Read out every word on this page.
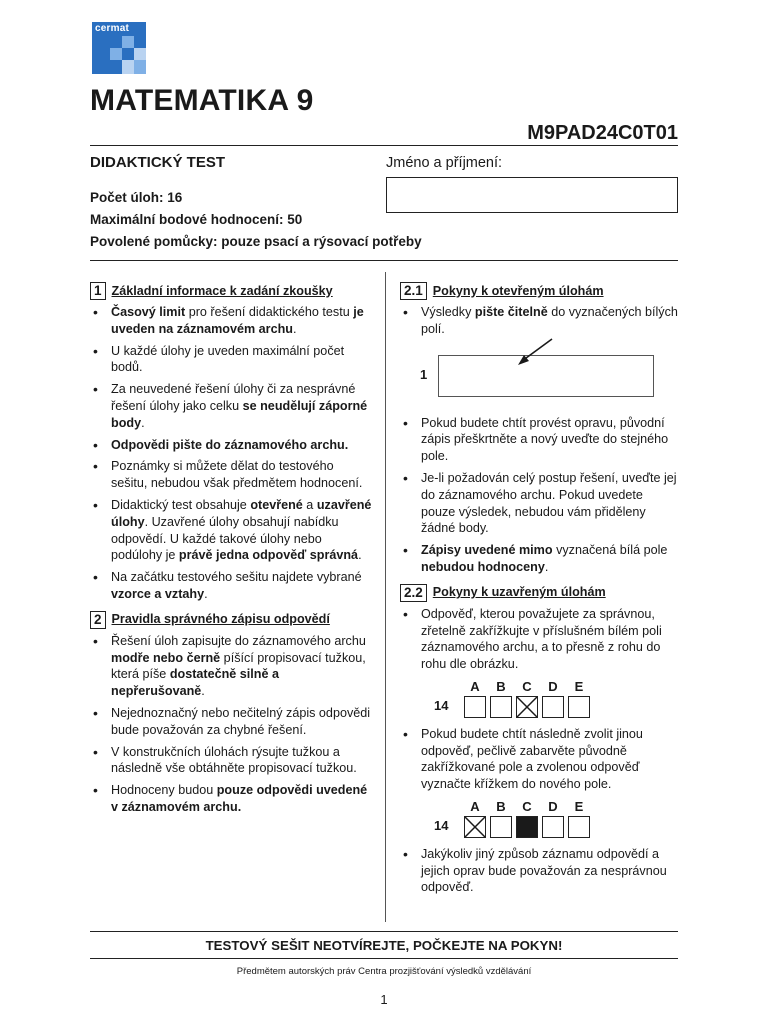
cermat
MATEMATIKA 9
M9PAD24C0T01
DIDAKTICKÝ TEST	Jméno a příjmení:
Počet úloh: 16
Maximální bodové hodnocení: 50
Povolené pomůcky: pouze psací a rýsovací potřeby
1 Základní informace k zadání zkoušky
• Časový limit pro řešení didaktického testu je uveden na záznamovém archu.
• U každé úlohy je uveden maximální počet bodů.
• Za neuvedené řešení úlohy či za nesprávné řešení úlohy jako celku se neudělují záporné body.
• Odpovědi pište do záznamového archu.
• Poznámky si můžete dělat do testového sešitu, nebudou však předmětem hodnocení.
• Didaktický test obsahuje otevřené a uzavřené úlohy. Uzavřené úlohy obsahují nabídku odpovědí. U každé takové úlohy nebo podúlohy je právě jedna odpověď správná.
• Na začátku testového sešitu najdete vybrané vzorce a vztahy.
2 Pravidla správného zápisu odpovědí
• Řešení úloh zapisujte do záznamového archu modře nebo černě píšící propisovací tužkou, která píše dostatečně silně a nepřerušovaně.
• Nejednoznačný nebo nečitelný zápis odpovědi bude považován za chybné řešení.
• V konstrukčních úlohách rýsujte tužkou a následně vše obtáhněte propisovací tužkou.
• Hodnoceny budou pouze odpovědi uvedené v záznamovém archu.
2.1 Pokyny k otevřeným úlohám
• Výsledky pište čitelně do vyznačených bílých polí.
1
• Pokud budete chtít provést opravu, původní zápis přeškrtněte a nový uveďte do stejného pole.
• Je-li požadován celý postup řešení, uveďte jej do záznamového archu. Pokud uvedete pouze výsledek, nebudou vám přiděleny žádné body.
• Zápisy uvedené mimo vyznačená bílá pole nebudou hodnoceny.
2.2 Pokyny k uzavřeným úlohám
• Odpověď, kterou považujete za správnou, zřetelně zakřížkujte v příslušném bílém poli záznamového archu, a to přesně z rohu do rohu dle obrázku.
A	B	C	D	E
14
• Pokud budete chtít následně zvolit jinou odpověď, pečlivě zabarvěte původně zakřížkované pole a zvolenou odpověď vyznačte křížkem do nového pole.
A	B	C	D	E
14
• Jakýkoliv jiný způsob záznamu odpovědí a jejich oprav bude považován za nesprávnou odpověď.
TESTOVÝ SEŠIT NEOTVÍREJTE, POČKEJTE NA POKYN!
Předmětem autorských práv Centra prozjišťování výsledků vzdělávání
1
